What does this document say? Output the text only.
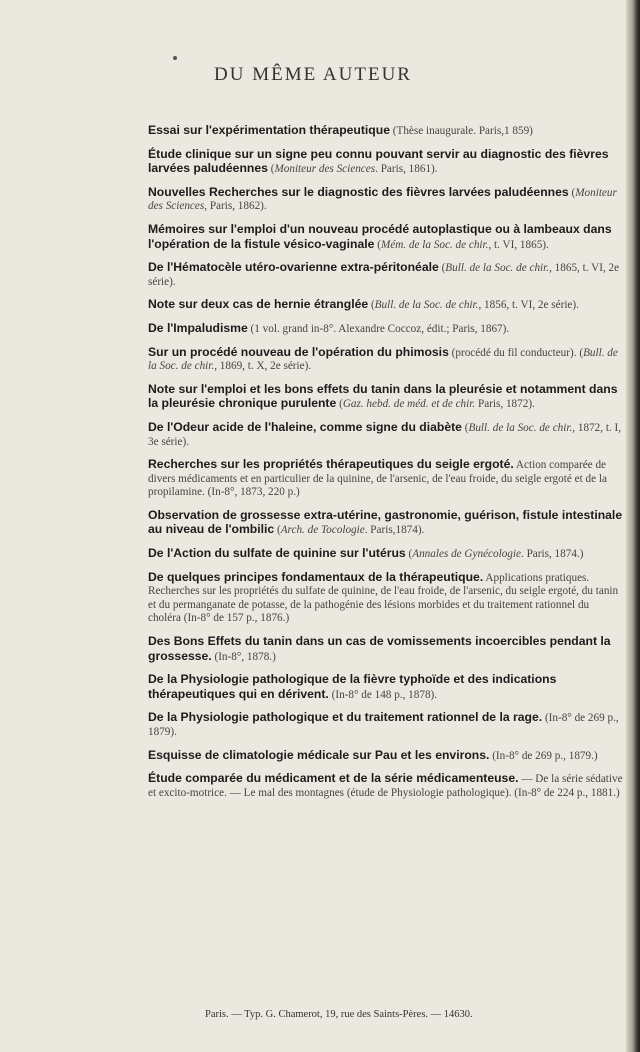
DU MÊME AUTEUR
Essai sur l'expérimentation thérapeutique (Thèse inaugurale. Paris,1 859)
Étude clinique sur un signe peu connu pouvant servir au diagnostic des fièvres larvées paludéennes (Moniteur des Sciences. Paris, 1861).
Nouvelles Recherches sur le diagnostic des fièvres larvées paludéennes (Moniteur des Sciences, Paris, 1862).
Mémoires sur l'emploi d'un nouveau procédé autoplastique ou à lambeaux dans l'opération de la fistule vésico-vaginale (Mém. de la Soc. de chir., t. VI, 1865).
De l'Hématocèle utéro-ovarienne extra-péritonéale (Bull. de la Soc. de chir., 1865, t. VI, 2e série).
Note sur deux cas de hernie étranglée (Bull. de la Soc. de chir., 1856, t. VI, 2e série).
De l'Impaludisme (1 vol. grand in-8°. Alexandre Coccoz, édit.; Paris, 1867).
Sur un procédé nouveau de l'opération du phimosis (procédé du fil conducteur). (Bull. de la Soc. de chir., 1869, t. X, 2e série).
Note sur l'emploi et les bons effets du tanin dans la pleurésie et notamment dans la pleurésie chronique purulente (Gaz. hebd. de méd. et de chir. Paris, 1872).
De l'Odeur acide de l'haleine, comme signe du diabète (Bull. de la Soc. de chir., 1872, t. I, 3e série).
Recherches sur les propriétés thérapeutiques du seigle ergoté. Action comparée de divers médicaments et en particulier de la quinine, de l'arsenic, de l'eau froide, du seigle ergoté et de la propilamine. (In-8°, 1873, 220 p.)
Observation de grossesse extra-utérine, gastronomie, guérison, fistule intestinale au niveau de l'ombilic (Arch. de Tocologie. Paris,1874).
De l'Action du sulfate de quinine sur l'utérus (Annales de Gynécologie. Paris, 1874.)
De quelques principes fondamentaux de la thérapeutique. Applications pratiques. Recherches sur les propriétés du sulfate de quinine, de l'eau froide, de l'arsenic, du seigle ergoté, du tanin et du permanganate de potasse, de la pathogénie des lésions morbides et du traitement rationnel du choléra (In-8° de 157 p., 1876.)
Des Bons Effets du tanin dans un cas de vomissements incoercibles pendant la grossesse. (In-8°, 1878.)
De la Physiologie pathologique de la fièvre typhoïde et des indications thérapeutiques qui en dérivent. (In-8° de 148 p., 1878).
De la Physiologie pathologique et du traitement rationnel de la rage. (In-8° de 269 p., 1879).
Esquisse de climatologie médicale sur Pau et les environs. (In-8° de 269 p., 1879.)
Étude comparée du médicament et de la série médicamenteuse. — De la série sédative et excito-motrice. — Le mal des montagnes (étude de Physiologie pathologique). (In-8° de 224 p., 1881.)
Paris. — Typ. G. Chamerot, 19, rue des Saints-Pères. — 14630.
